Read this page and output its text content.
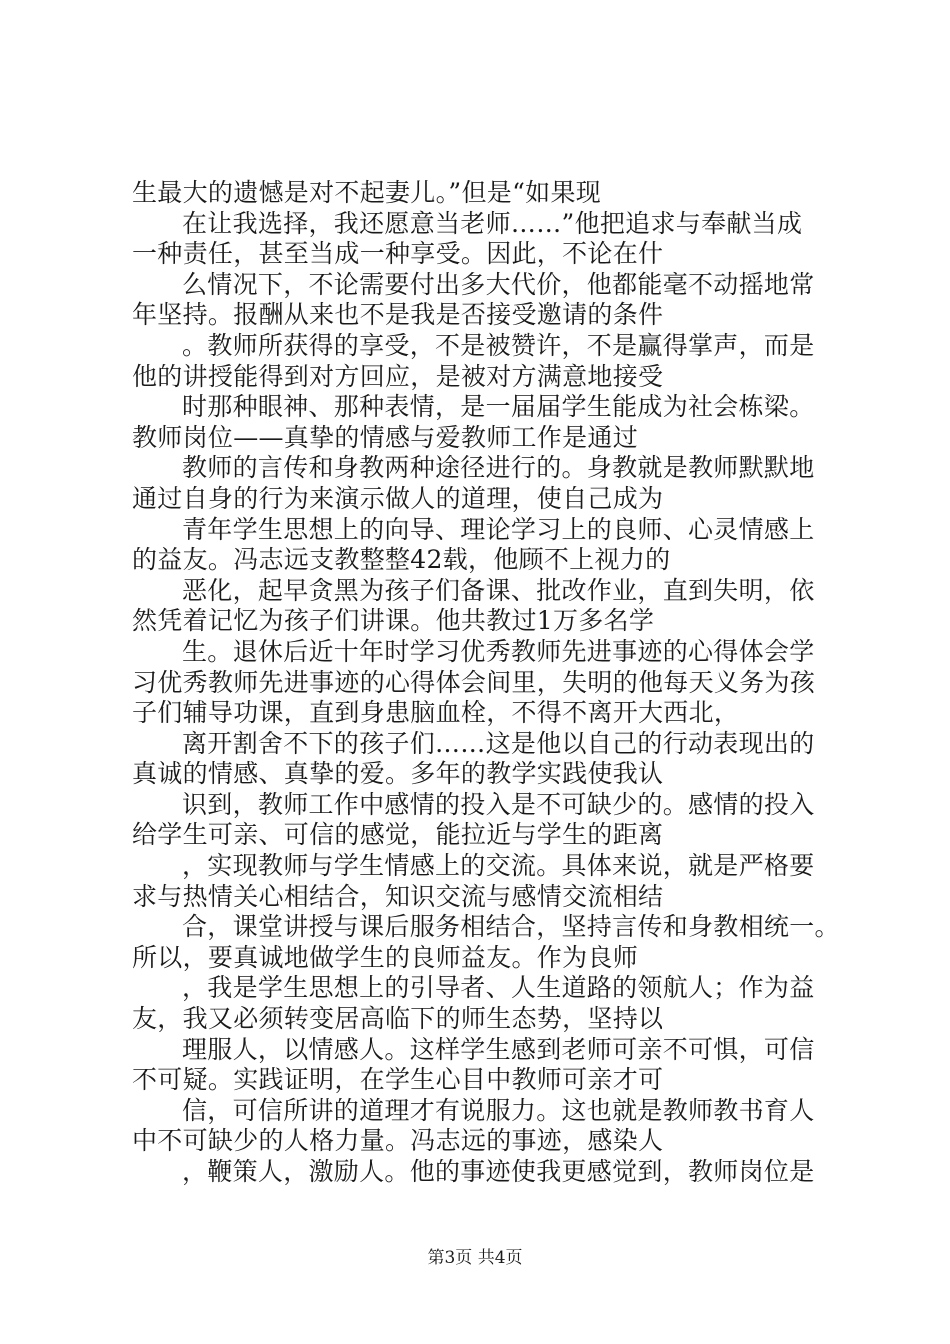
生最大的遗憾是对不起妻儿。”但是“如果现
在让我选择，我还愿意当老师……”他把追求与奉献当成
一种责任，甚至当成一种享受。因此，不论在什
么情况下，不论需要付出多大代价，他都能毫不动摇地常
年坚持。报酬从来也不是我是否接受邀请的条件
。教师所获得的享受，不是被赞许，不是赢得掌声，而是
他的讲授能得到对方回应，是被对方满意地接受
时那种眼神、那种表情，是一届届学生能成为社会栋梁。
教师岗位——真挚的情感与爱教师工作是通过
教师的言传和身教两种途径进行的。身教就是教师默默地
通过自身的行为来演示做人的道理，使自己成为
青年学生思想上的向导、理论学习上的良师、心灵情感上
的益友。冯志远支教整整42载，他顾不上视力的
恶化，起早贪黑为孩子们备课、批改作业，直到失明，依
然凭着记忆为孩子们讲课。他共教过1万多名学
生。退休后近十年时学习优秀教师先进事迹的心得体会学
习优秀教师先进事迹的心得体会间里，失明的他每天义务为孩
子们辅导功课，直到身患脑血栓，不得不离开大西北，
离开割舍不下的孩子们……这是他以自己的行动表现出的
真诚的情感、真挚的爱。多年的教学实践使我认
识到，教师工作中感情的投入是不可缺少的。感情的投入
给学生可亲、可信的感觉，能拉近与学生的距离
，实现教师与学生情感上的交流。具体来说，就是严格要
求与热情关心相结合，知识交流与感情交流相结
合，课堂讲授与课后服务相结合，坚持言传和身教相统一。
所以，要真诚地做学生的良师益友。作为良师
，我是学生思想上的引导者、人生道路的领航人；作为益
友，我又必须转变居高临下的师生态势，坚持以
理服人，以情感人。这样学生感到老师可亲不可惧，可信
不可疑。实践证明，在学生心目中教师可亲才可
信，可信所讲的道理才有说服力。这也就是教师教书育人
中不可缺少的人格力量。冯志远的事迹，感染人
，鞭策人，激励人。他的事迹使我更感觉到，教师岗位是
第3页 共4页
